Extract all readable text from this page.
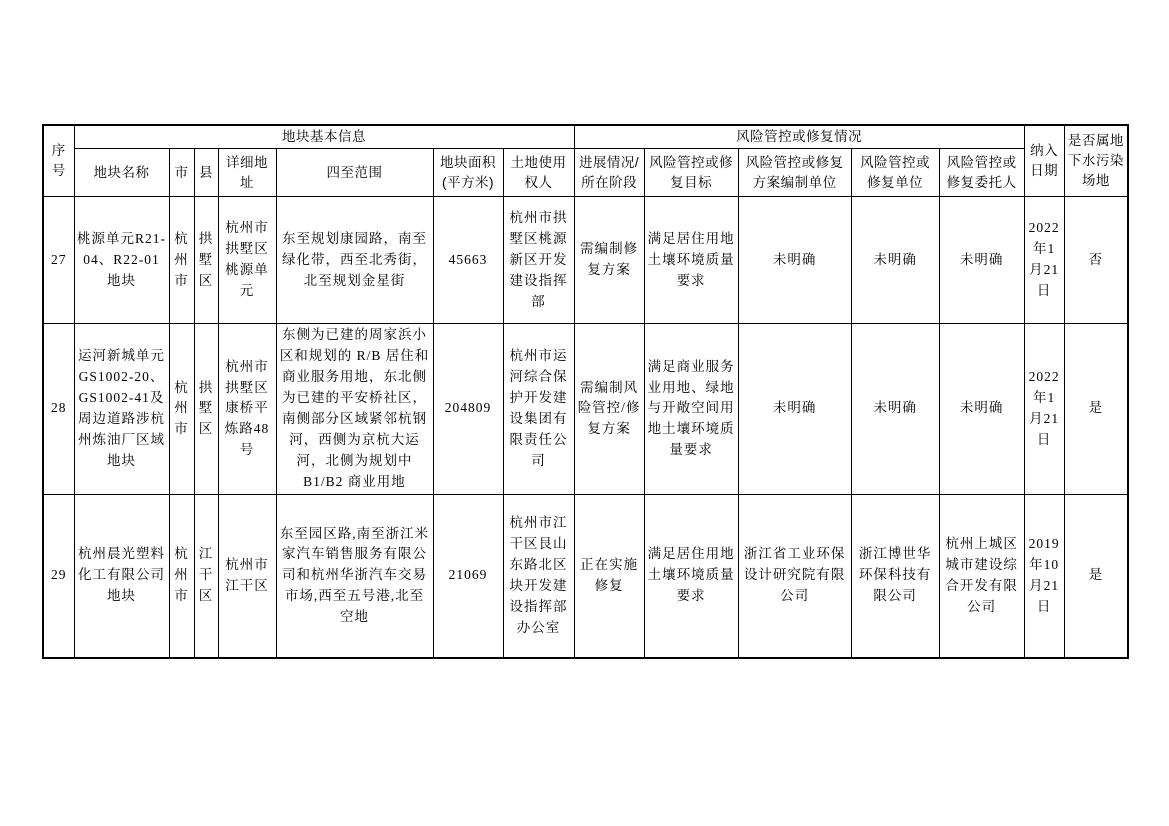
序号	地块基本信息							风险管控或修复情况					纳入日期	是否属地下水污染场地
	地块名称	市	县	详细地址	四至范围	地块面积(平方米)	土地使用权人	进展情况/所在阶段	风险管控或修复目标	风险管控或修复方案编制单位	风险管控或修复单位	风险管控或修复委托人		
27	桃源单元R21-04、R22-01 地块	杭州市	拱墅区	杭州市拱墅区桃源单元	东至规划康园路，南至绿化带，西至北秀街，北至规划金星街	45663	杭州市拱墅区桃源新区开发建设指挥部	需编制修复方案	满足居住用地土壤环境质量要求	未明确	未明确	未明确	2022年1月21日	否
28	运河新城单元GS1002-20、GS1002-41及周边道路涉杭州炼油厂区域地块	杭州市	拱墅区	杭州市拱墅区康桥平炼路48号	东侧为已建的周家浜小区和规划的 R/B 居住和商业服务用地，东北侧为已建的平安桥社区，南侧部分区域紧邻杭钢河，西侧为京杭大运河，北侧为规划中 B1/B2 商业用地	204809	杭州市运河综合保护开发建设集团有限责任公司	需编制风险管控/修复方案	满足商业服务业用地、绿地与开敞空间用地土壤环境质量要求	未明确	未明确	未明确	2022年1月21日	是
29	杭州晨光塑料化工有限公司地块	杭州市	江干区	杭州市江干区	东至园区路,南至浙江米家汽车销售服务有限公司和杭州华浙汽车交易市场,西至五号港,北至空地	21069	杭州市江干区艮山东路北区块开发建设指挥部办公室	正在实施修复	满足居住用地土壤环境质量要求	浙江省工业环保设计研究院有限公司	浙江博世华环保科技有限公司	杭州上城区城市建设综合开发有限公司	2019年10月21日	是
